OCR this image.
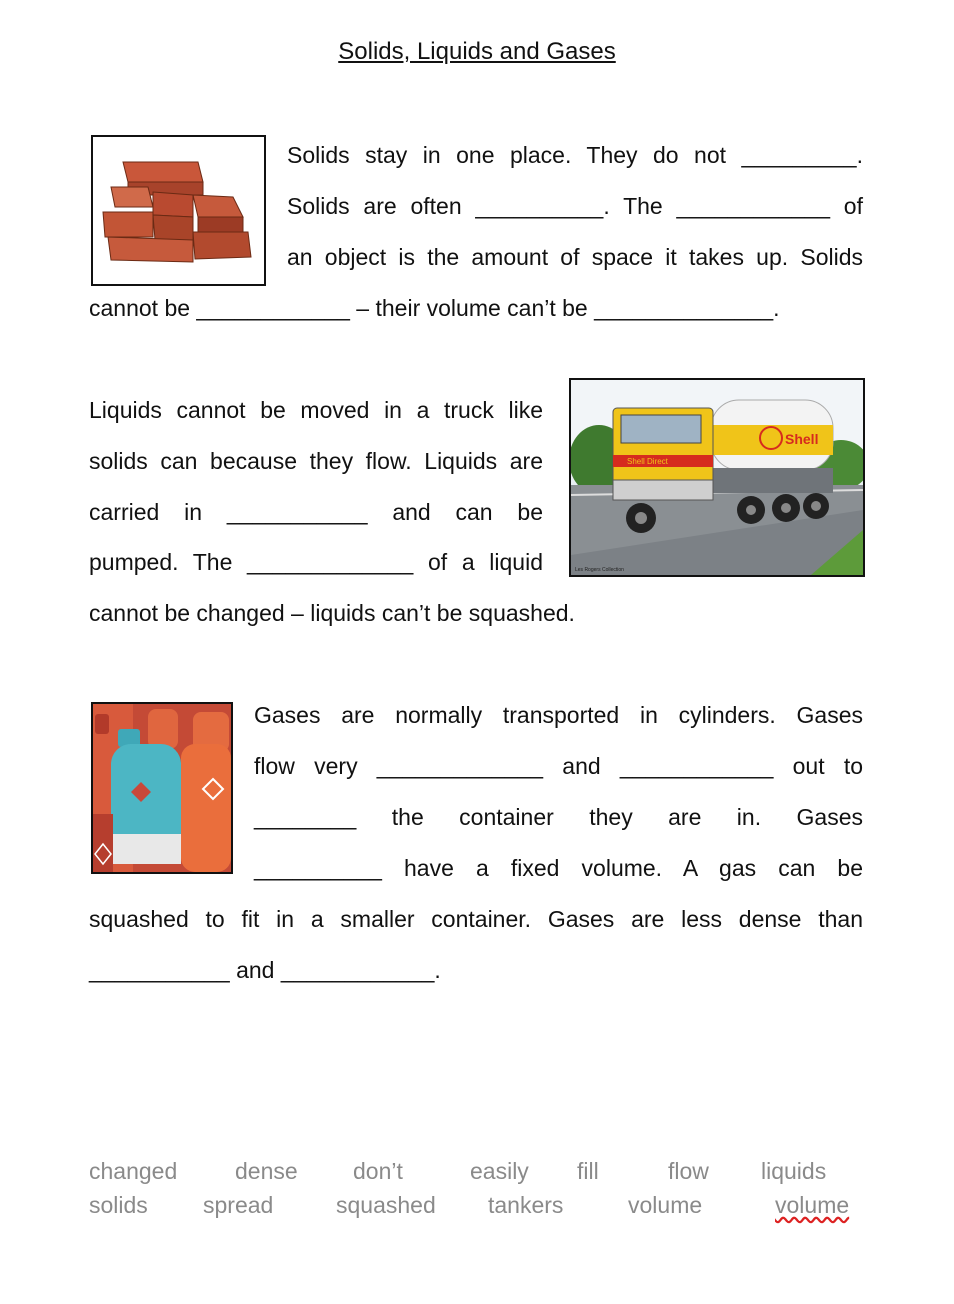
Solids, Liquids and Gases
Solids stay in one place. They do not _________.
Solids are often __________. The ____________ of
an object is the amount of space it takes up. Solids
cannot be ____________ – their volume can’t be ______________.
Liquids cannot be moved in a truck like
solids can because they flow. Liquids are
carried in ___________ and can be
pumped. The _____________ of a liquid
cannot be changed – liquids can’t be squashed.
Shell
Shell Direct
Les Rogers Collection
Gases are normally transported in cylinders. Gases
flow very _____________ and ____________ out to
________ the container they are in. Gases
__________ have a fixed volume. A gas can be
squashed to fit in a smaller container. Gases are less dense than
___________ and ____________.
changed	dense don’t	easily fill	flow liquids
solids spread	squashed tankers	volume	volume
